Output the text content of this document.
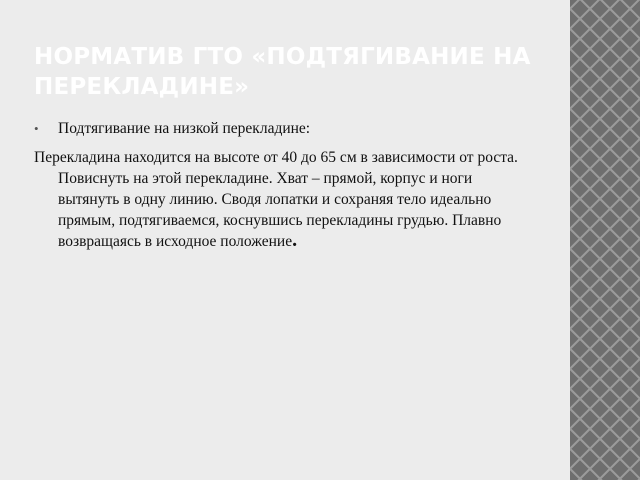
НОРМАТИВ ГТО «ПОДТЯГИВАНИЕ НА ПЕРЕКЛАДИНЕ»
• Подтягивание на низкой перекладине:

Перекладина находится на высоте от 40 до 65 см в зависимости от роста. Повиснуть на этой перекладине. Хват – прямой, корпус и ноги вытянуть в одну линию. Сводя лопатки и сохраняя тело идеально прямым, подтягиваемся, коснувшись перекладины грудью. Плавно возвращаясь в исходное положение.
